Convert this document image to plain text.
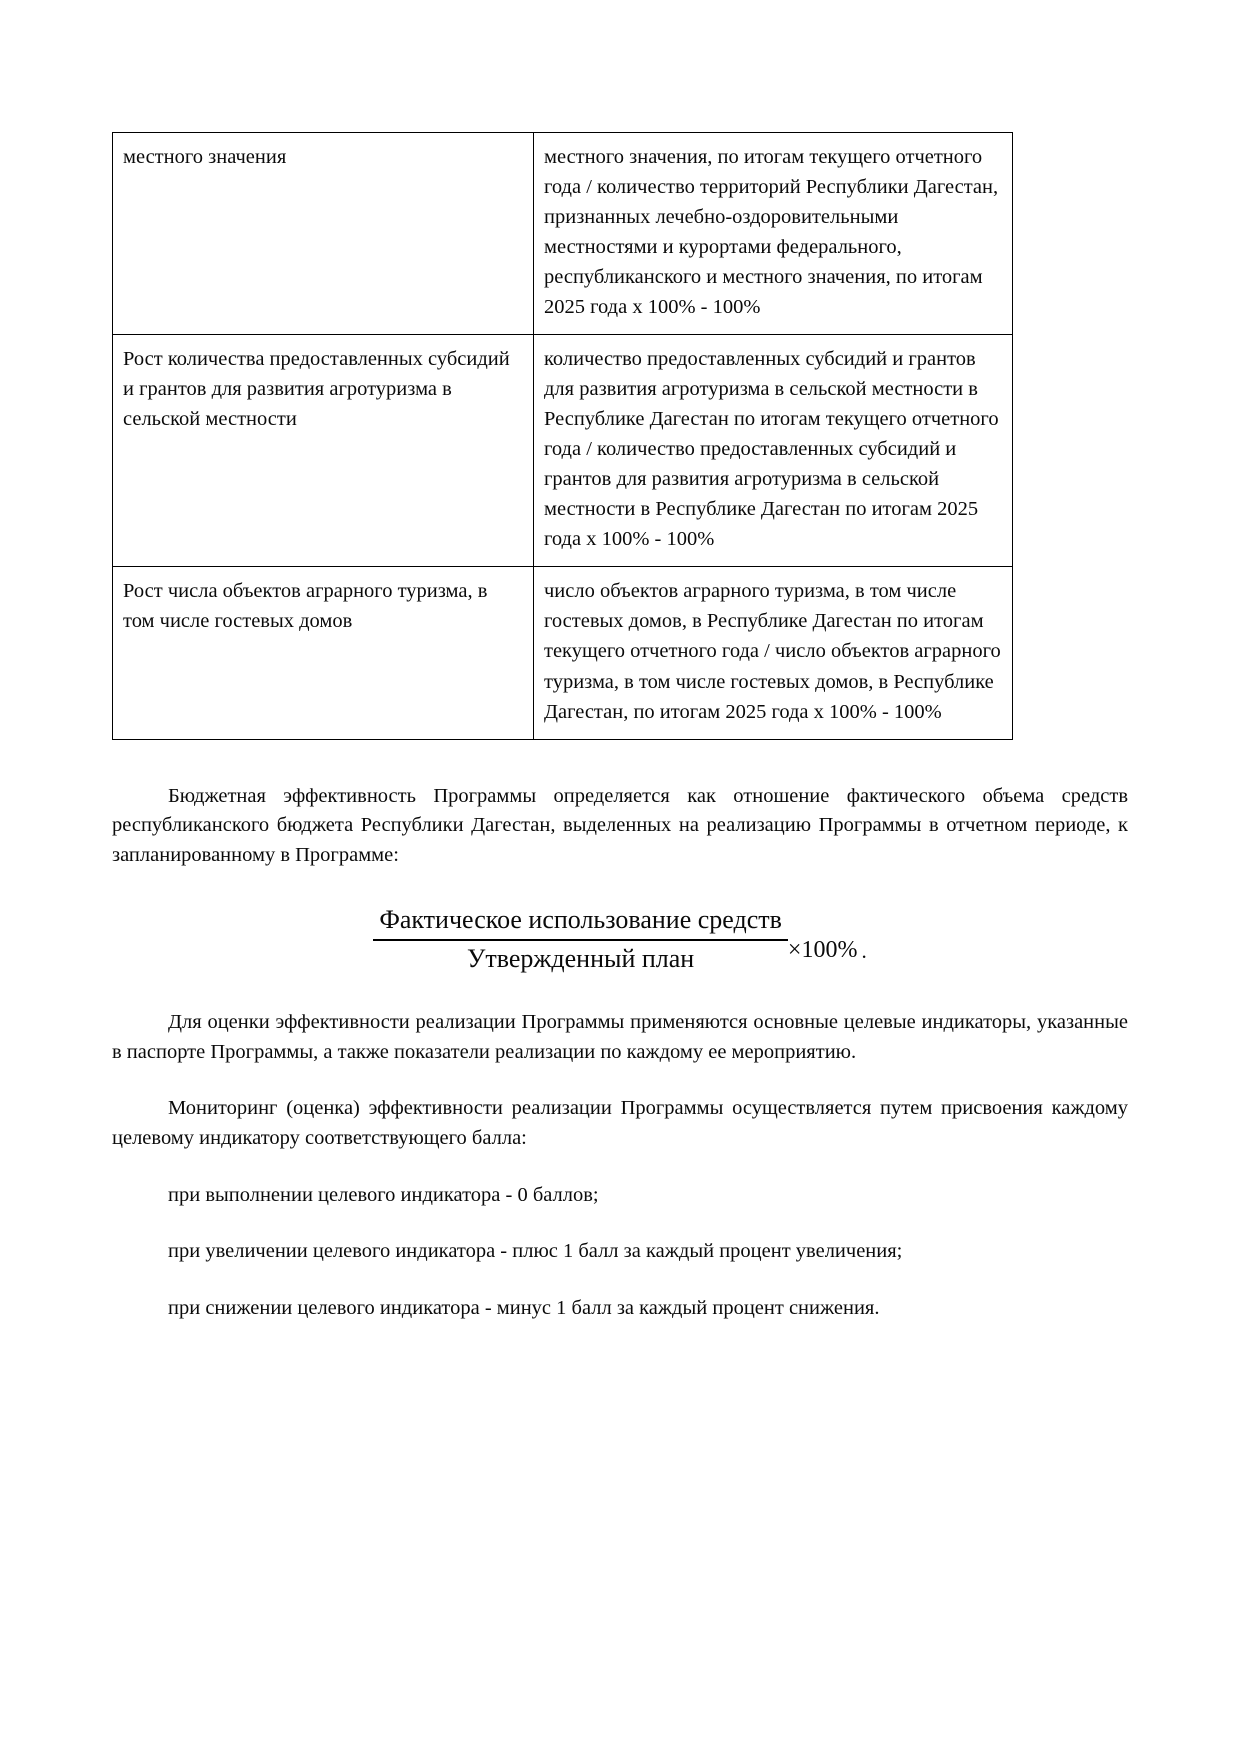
местного значения	местного значения, по итогам текущего отчетного года / количество территорий Республики Дагестан, признанных лечебно-оздоровительными местностями и курортами федерального, республиканского и местного значения, по итогам 2025 года х 100% - 100%

Рост количества предоставленных субсидий и грантов для развития агротуризма в сельской местности	количество предоставленных субсидий и грантов для развития агротуризма в сельской местности в Республике Дагестан по итогам текущего отчетного года / количество предоставленных субсидий и грантов для развития агротуризма в сельской местности в Республике Дагестан по итогам 2025 года х 100% - 100%

Рост числа объектов аграрного туризма, в том числе гостевых домов	число объектов аграрного туризма, в том числе гостевых домов, в Республике Дагестан по итогам текущего отчетного года / число объектов аграрного туризма, в том числе гостевых домов, в Республике Дагестан, по итогам 2025 года х 100% - 100%

Бюджетная эффективность Программы определяется как отношение фактического объема средств республиканского бюджета Республики Дагестан, выделенных на реализацию Программы в отчетном периоде, к запланированному в Программе:

$\frac{\text{Фактическое использование средств}}{\text{Утвержденный план}} \times 100\%$ .

Для оценки эффективности реализации Программы применяются основные целевые индикаторы, указанные в паспорте Программы, а также показатели реализации по каждому ее мероприятию.

Мониторинг (оценка) эффективности реализации Программы осуществляется путем присвоения каждому целевому индикатору соответствующего балла:

при выполнении целевого индикатора - 0 баллов;

при увеличении целевого индикатора - плюс 1 балл за каждый процент увеличения;

при снижении целевого индикатора - минус 1 балл за каждый процент снижения.
